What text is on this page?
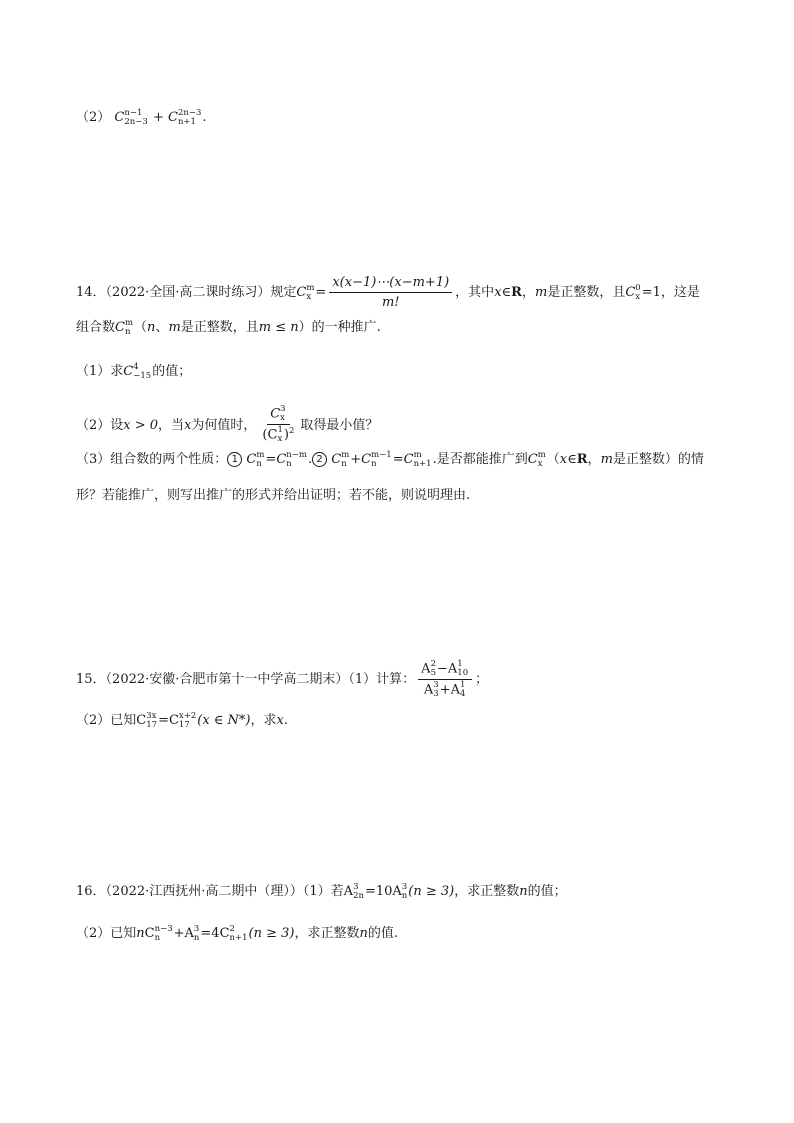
（2） C n−1
2n−3 + C 2n−3
n+1 .
14．（2022·全国·高二课时练习）规定C m
$x = \frac{x(x-1)\cdots(x-m+1)}{m!}$ ，其中x∈R，m是正整数，且C 0
x =1，这是
组合数C m
n （n、m是正整数，且m ≤ n）的一种推广.
（1）求C 4
−15 的值；
（2）设x > 0，当x为何值时， C 3
x
(C 1
x )$^2$ 取得最小值？
（3）组合数的两个性质： 1 C m
n =C n−m
n	. 2 C m
n +C m−1
n	=C m
n+1 .是否都能推广到C m
x （x∈R，m是正整数）的情
形？若能推广，则写出推广的形式并给出证明；若不能，则说明理由.
15．（2022·安徽·合肥市第十一中学高二期末）（1）计算： A 2
5 −A 1
10
A 3
3 +A 1
4 ；
（2）已知C 3x
17 =C x+2
17 (x ∈ N*)，求x.
16．（2022·江西抚州·高二期中（理））（1）若A 3
2n =10A 3
n (n ≥ 3)，求正整数n的值；
（2）已知nC n−3
n	+A 3
n =4C 2
n+1 (n ≥ 3)，求正整数n的值.
